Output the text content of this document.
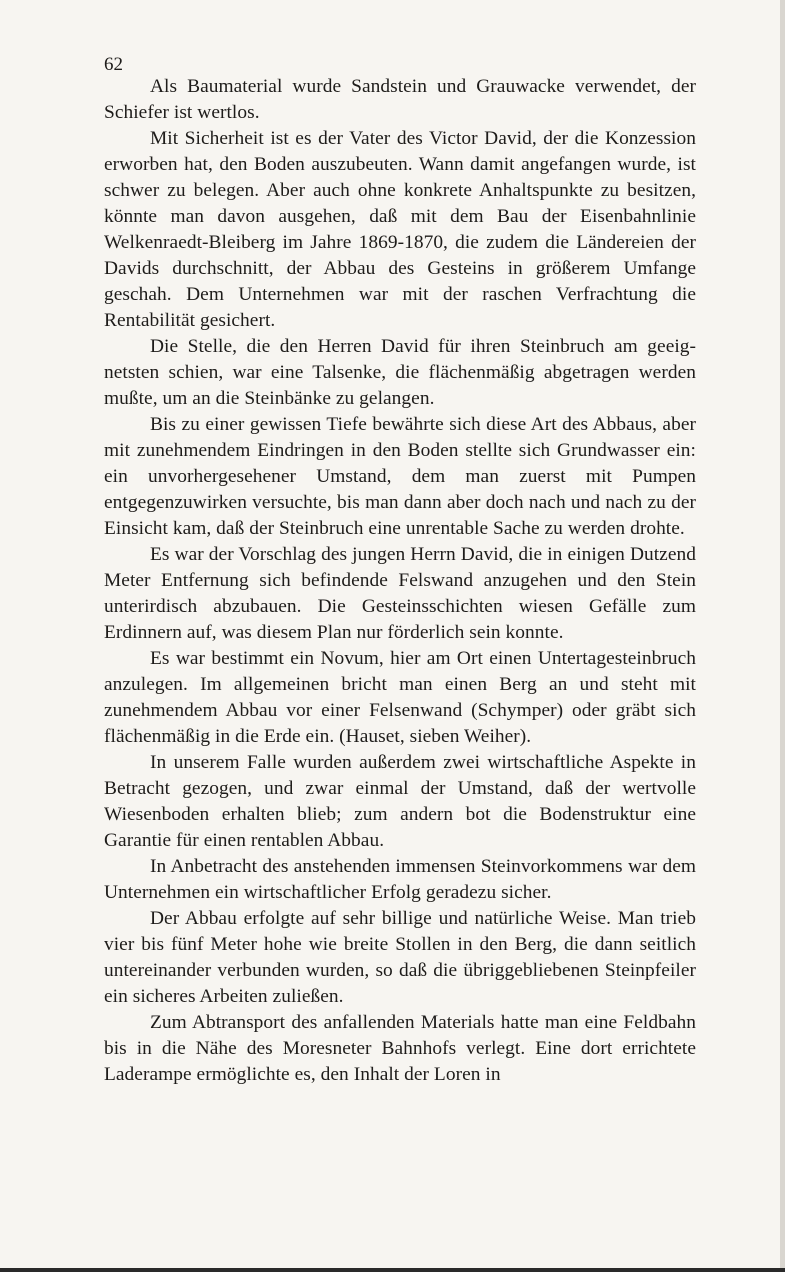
62

Als Baumaterial wurde Sandstein und Grauwacke verwendet, der Schiefer ist wertlos.

Mit Sicherheit ist es der Vater des Victor David, der die Konzession erworben hat, den Boden auszubeuten. Wann damit angefangen wurde, ist schwer zu belegen. Aber auch ohne konkrete Anhaltspunkte zu besitzen, könnte man davon ausgehen, daß mit dem Bau der Eisenbahnlinie Welkenraedt-Bleiberg im Jahre 1869-1870, die zudem die Ländereien der Davids durchschnitt, der Abbau des Gesteins in größerem Umfange geschah. Dem Unternehmen war mit der raschen Verfrachtung die Rentabilität gesichert.

Die Stelle, die den Herren David für ihren Steinbruch am geeignetsten schien, war eine Talsenke, die flächenmäßig abgetragen werden mußte, um an die Steinbänke zu gelangen.

Bis zu einer gewissen Tiefe bewährte sich diese Art des Abbaus, aber mit zunehmendem Eindringen in den Boden stellte sich Grundwasser ein: ein unvorhergesehener Umstand, dem man zuerst mit Pumpen entgegenzuwirken versuchte, bis man dann aber doch nach und nach zu der Einsicht kam, daß der Steinbruch eine unrentable Sache zu werden drohte.

Es war der Vorschlag des jungen Herrn David, die in einigen Dutzend Meter Entfernung sich befindende Felswand anzugehen und den Stein unterirdisch abzubauen. Die Gesteinsschichten wiesen Gefälle zum Erdinnern auf, was diesem Plan nur förderlich sein konnte.

Es war bestimmt ein Novum, hier am Ort einen Untertagesteinbruch anzulegen. Im allgemeinen bricht man einen Berg an und steht mit zunehmendem Abbau vor einer Felsenwand (Schymper) oder gräbt sich flächenmäßig in die Erde ein. (Hauset, sieben Weiher).

In unserem Falle wurden außerdem zwei wirtschaftliche Aspekte in Betracht gezogen, und zwar einmal der Umstand, daß der wertvolle Wiesenboden erhalten blieb; zum andern bot die Bodenstruktur eine Garantie für einen rentablen Abbau.

In Anbetracht des anstehenden immensen Steinvorkommens war dem Unternehmen ein wirtschaftlicher Erfolg geradezu sicher.

Der Abbau erfolgte auf sehr billige und natürliche Weise. Man trieb vier bis fünf Meter hohe wie breite Stollen in den Berg, die dann seitlich untereinander verbunden wurden, so daß die übriggebliebenen Steinpfeiler ein sicheres Arbeiten zuließen.

Zum Abtransport des anfallenden Materials hatte man eine Feldbahn bis in die Nähe des Moresneter Bahnhofs verlegt. Eine dort errichtete Laderampe ermöglichte es, den Inhalt der Loren in
